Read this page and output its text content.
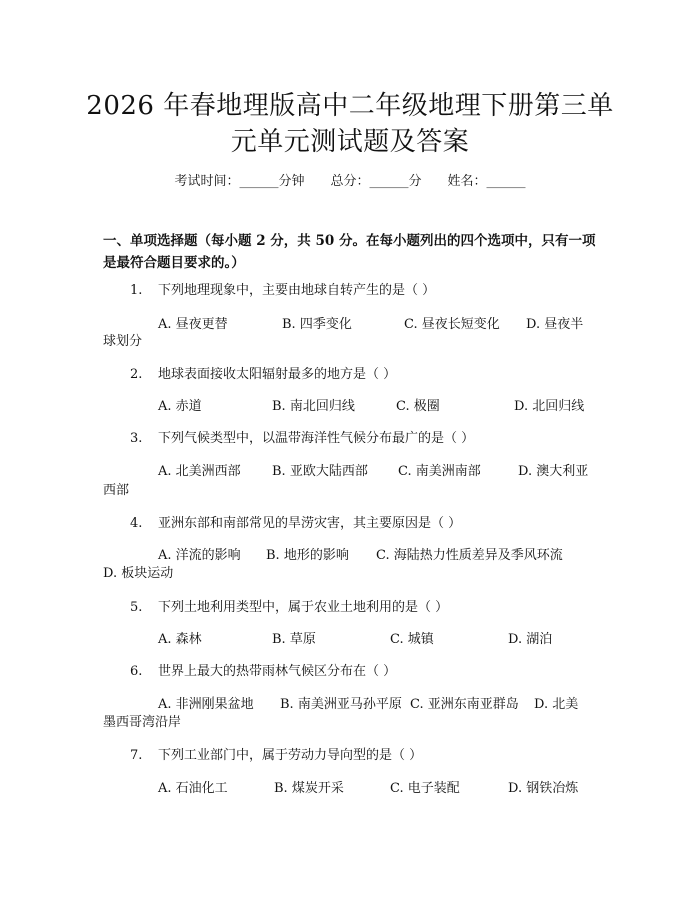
2026 年春地理版高中二年级地理下册第三单
元单元测试题及答案
考试时间：______分钟　　总分：______分　　姓名：______
一、单项选择题（每小题 2 分，共 50 分。在每小题列出的四个选项中，只有一项
是最符合题目要求的。）
1. 下列地理现象中，主要由地球自转产生的是（ ）
A. 昼夜更替	B. 四季变化	C. 昼夜长短变化 D. 昼夜半
球划分
2. 地球表面接收太阳辐射最多的地方是（ ）
A. 赤道	B. 南北回归线	C. 极圈	D. 北回归线
3. 下列气候类型中，以温带海洋性气候分布最广的是（ ）
A. 北美洲西部 B. 亚欧大陆西部 C. 南美洲南部	D. 澳大利亚
西部
4. 亚洲东部和南部常见的旱涝灾害，其主要原因是（ ）
A. 洋流的影响 B. 地形的影响 C. 海陆热力性质差异及季风环流
D. 板块运动
5. 下列土地利用类型中，属于农业土地利用的是（ ）
A. 森林	B. 草原	C. 城镇	D. 湖泊
6. 世界上最大的热带雨林气候区分布在（ ）
A. 非洲刚果盆地 B. 南美洲亚马孙平原 C. 亚洲东南亚群岛 D. 北美
墨西哥湾沿岸
7. 下列工业部门中，属于劳动力导向型的是（ ）
A. 石油化工	B. 煤炭开采	C. 电子装配	D. 钢铁冶炼
